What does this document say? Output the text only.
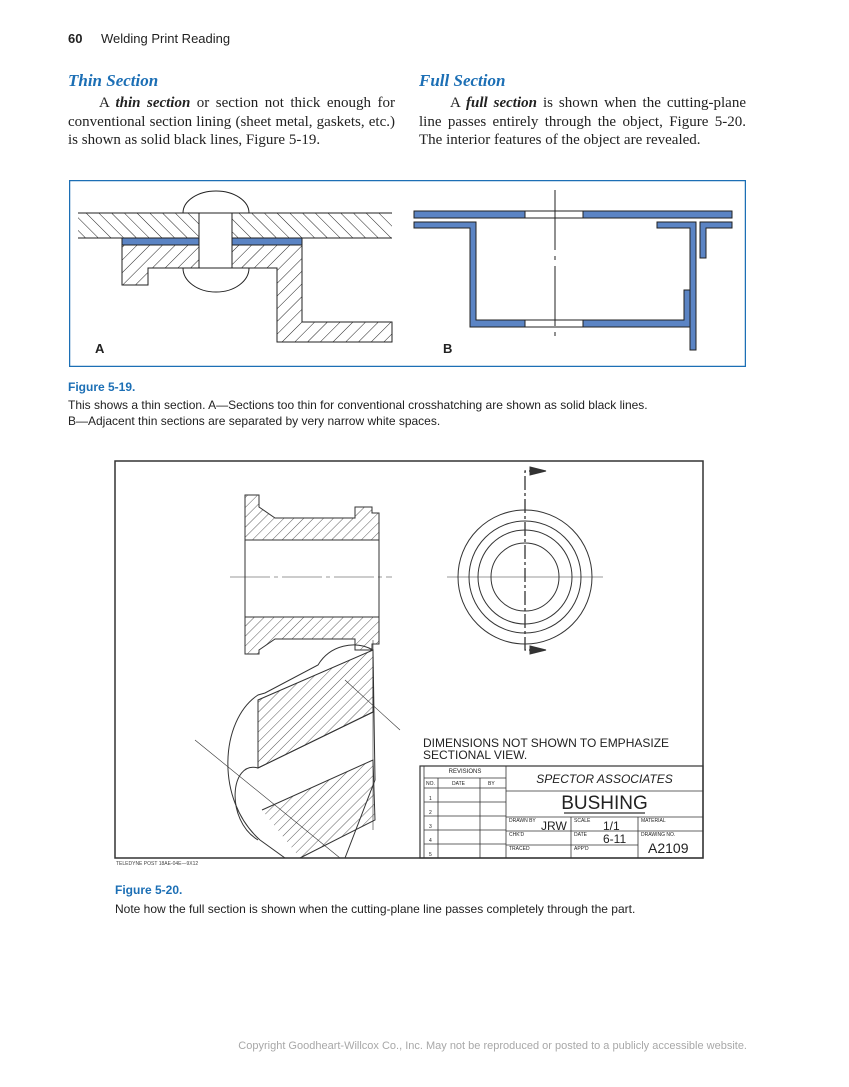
60 Welding Print Reading
Thin Section
A thin section or section not thick enough for conventional section lining (sheet metal, gaskets, etc.) is shown as solid black lines, Figure 5-19.
Full Section
A full section is shown when the cutting-plane line passes entirely through the object, Figure 5-20. The interior features of the object are revealed.
A	B
Figure 5-19.
This shows a thin section. A—Sections too thin for conventional crosshatching are shown as solid black lines.
B—Adjacent thin sections are separated by very narrow white spaces.
DIMENSIONS NOT SHOWN TO EMPHASIZE
SECTIONAL VIEW.
REVISIONS
NO.	DATE	BY
1
2
3
4
5
SPECTOR ASSOCIATES
BUSHING
DRAWN BY JRW SCALE 1/1	MATERIAL
CHK'D	DATE 6-11	DRAWING NO.
A2109
TRACED	APP'D
TELEDYNE POST 18AE-04E—9X12
Figure 5-20.
Note how the full section is shown when the cutting-plane line passes completely through the part.
Copyright Goodheart-Willcox Co., Inc. May not be reproduced or posted to a publicly accessible website.
